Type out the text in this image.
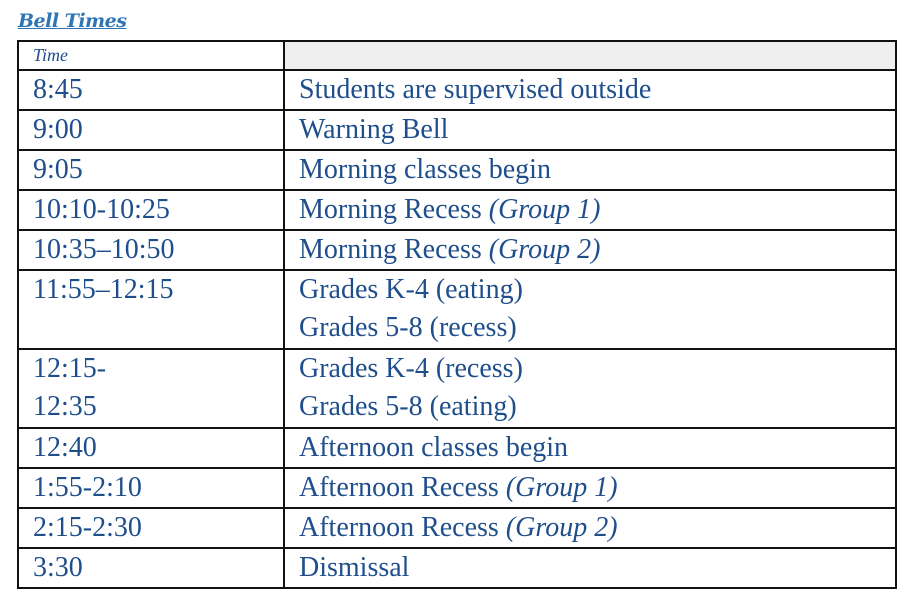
Bell Times
Time	

8:45	Students are supervised outside

9:00	Warning Bell

9:05	Morning classes begin

10:10-10:25	Morning Recess (Group 1)

10:35–10:50	Morning Recess (Group 2)

11:55–12:15	Grades K-4 (eating)
Grades 5-8 (recess)

12:15-
12:35	Grades K-4 (recess)
Grades 5-8 (eating)

12:40	Afternoon classes begin

1:55-2:10	Afternoon Recess (Group 1)

2:15-2:30	Afternoon Recess (Group 2)

3:30	Dismissal
